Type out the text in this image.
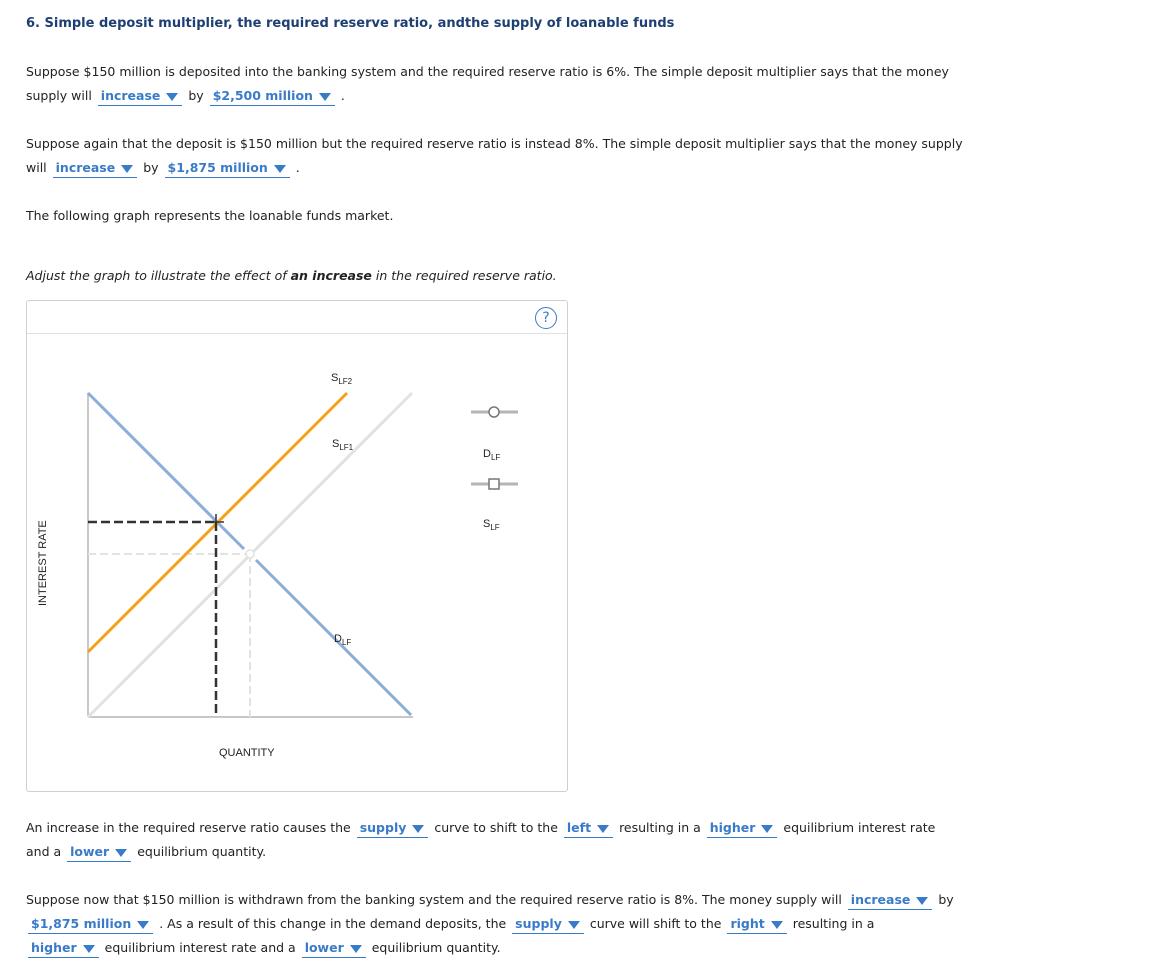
6. Simple deposit multiplier, the required reserve ratio, andthe supply of loanable funds
Suppose $150 million is deposited into the banking system and the required reserve ratio is 6%. The simple deposit multiplier says that the money
supply will increase by $2,500 million .
Suppose again that the deposit is $150 million but the required reserve ratio is instead 8%. The simple deposit multiplier says that the money supply
will increase by $1,875 million .
The following graph represents the loanable funds market.
Adjust the graph to illustrate the effect of an increase in the required reserve ratio.
?
$S_{LF2}$
$S_{LF1}$
$D_{LF}$
INTEREST RATE
QUANTITY
$D_{LF}$
$S_{LF}$
An increase in the required reserve ratio causes the supply curve to shift to the left resulting in a higher equilibrium interest rate
and a lower equilibrium quantity.
Suppose now that $150 million is withdrawn from the banking system and the required reserve ratio is 8%. The money supply will increase by
$1,875 million . As a result of this change in the demand deposits, the supply curve will shift to the right resulting in a
higher equilibrium interest rate and a lower equilibrium quantity.
